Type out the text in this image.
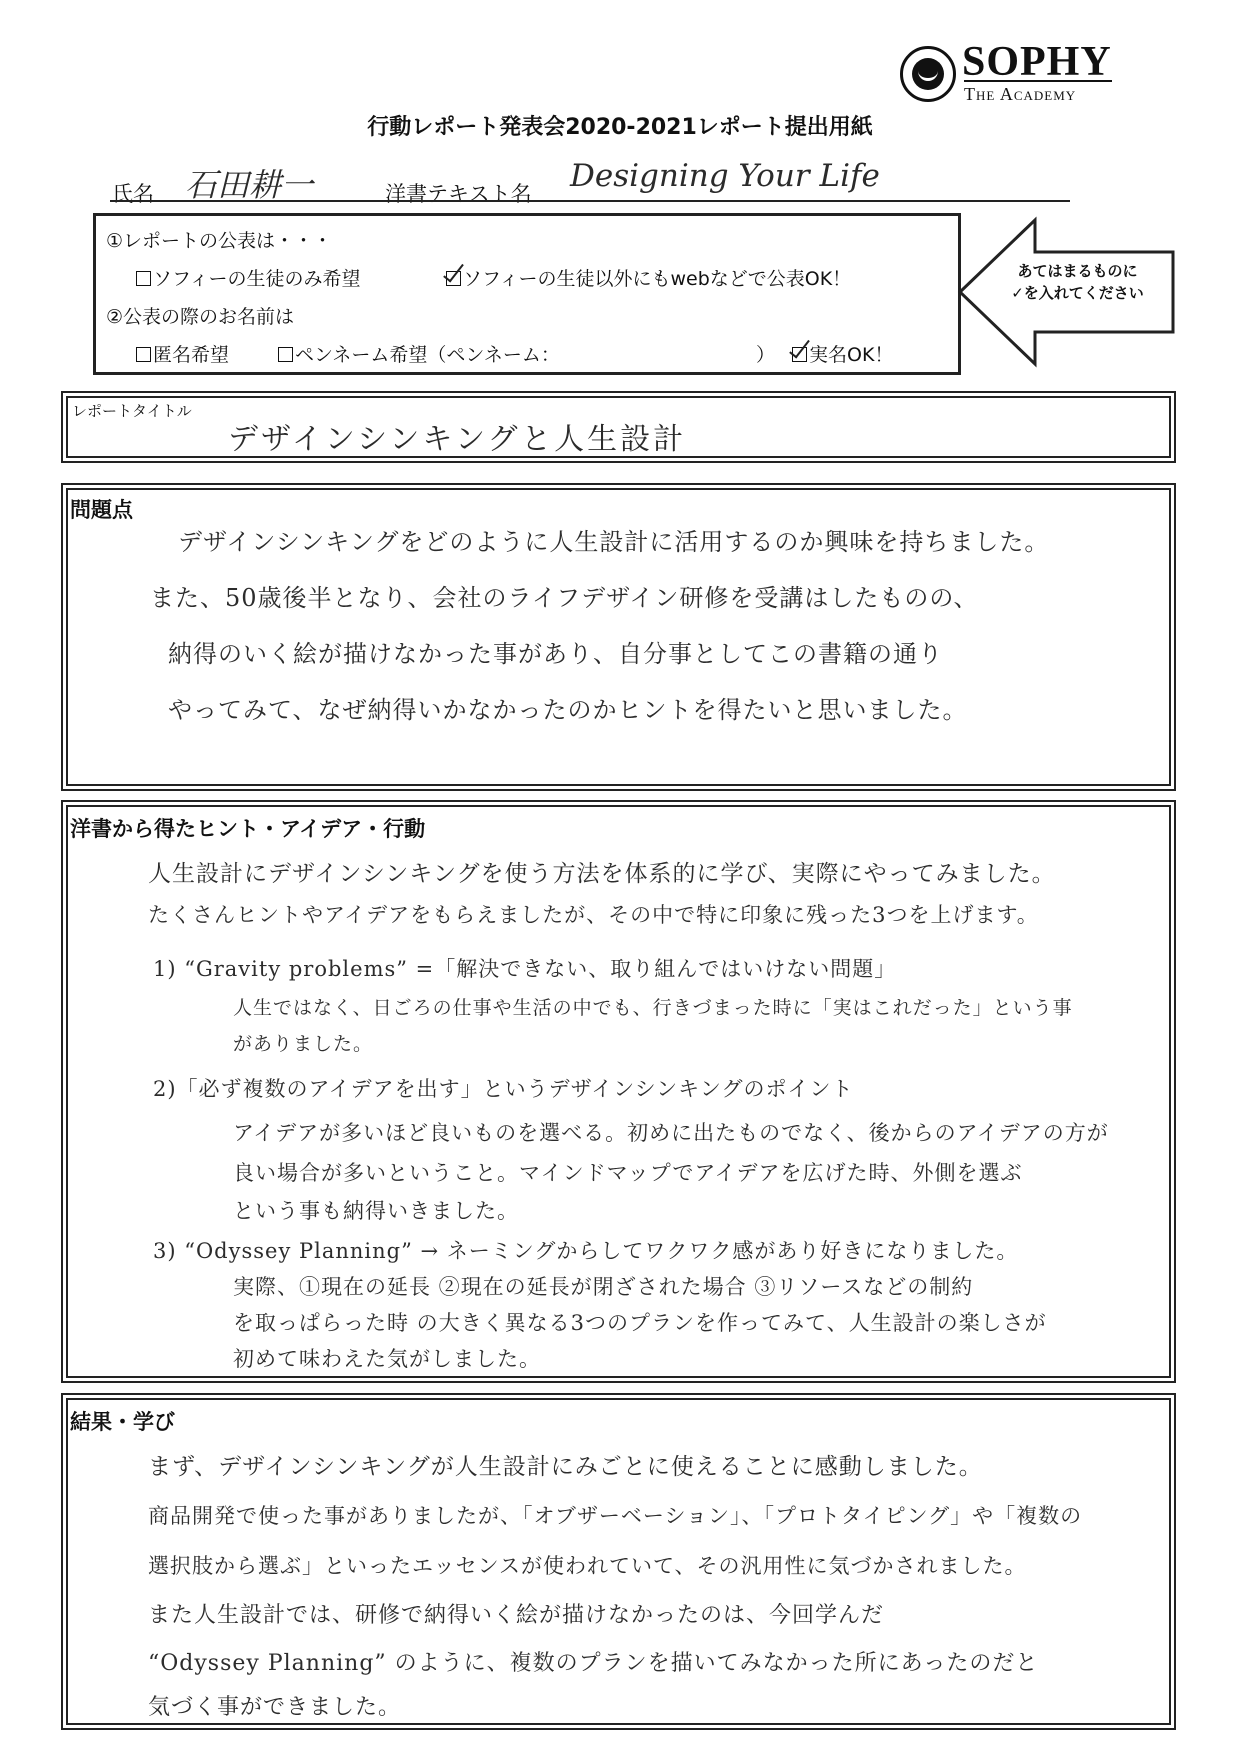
SOPHY
The Academy
行動レポート発表会2020-2021レポート提出用紙
氏名 石田耕一	洋書テキスト名 Designing Your Life
①レポートの公表は・・・
ソフィーの生徒のみ希望	ソフィーの生徒以外にもwebなどで公表OK！
②公表の際のお名前は
匿名希望	ペンネーム希望（ペンネーム：	）	実名OK！
あてはまるものに
✓を入れてください
レポートタイトル
デザインシンキングと人生設計
問題点
デザインシンキングをどのように人生設計に活用するのか興味を持ちました。
また、50歳後半となり、会社のライフデザイン研修を受講はしたものの、
納得のいく絵が描けなかった事があり、自分事としてこの書籍の通り
やってみて、なぜ納得いかなかったのかヒントを得たいと思いました。
洋書から得たヒント・アイデア・行動
人生設計にデザインシンキングを使う方法を体系的に学び、実際にやってみました。
たくさんヒントやアイデアをもらえましたが、その中で特に印象に残った3つを上げます。
1) “Gravity problems” =「解決できない、取り組んではいけない問題」
人生ではなく、日ごろの仕事や生活の中でも、行きづまった時に「実はこれだった」という事
がありました。
2)「必ず複数のアイデアを出す」というデザインシンキングのポイント
アイデアが多いほど良いものを選べる。初めに出たものでなく、後からのアイデアの方が
良い場合が多いということ。マインドマップでアイデアを広げた時、外側を選ぶ
という事も納得いきました。
3) “Odyssey Planning” → ネーミングからしてワクワク感があり好きになりました。
実際、①現在の延長 ②現在の延長が閉ざされた場合 ③リソースなどの制約
を取っぱらった時 の大きく異なる3つのプランを作ってみて、人生設計の楽しさが
初めて味わえた気がしました。
結果・学び
まず、デザインシンキングが人生設計にみごとに使えることに感動しました。
商品開発で使った事がありましたが、「オブザーベーション」、「プロトタイピング」や「複数の
選択肢から選ぶ」といったエッセンスが使われていて、その汎用性に気づかされました。
また人生設計では、研修で納得いく絵が描けなかったのは、今回学んだ
“Odyssey Planning” のように、複数のプランを描いてみなかった所にあったのだと
気づく事ができました。
